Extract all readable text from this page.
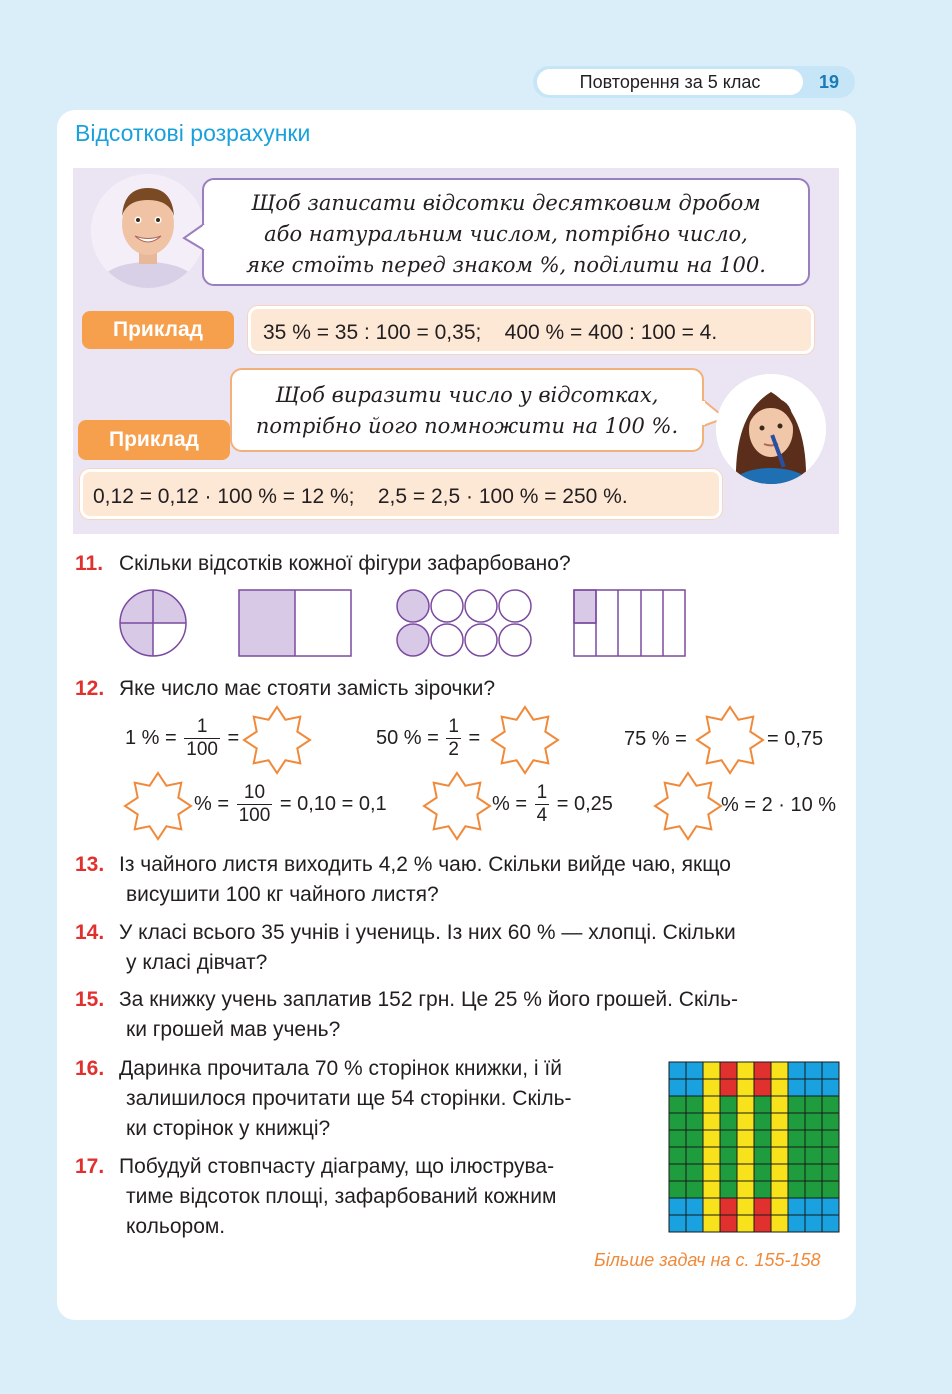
Повторення за 5 клас	19
Відсоткові розрахунки
Щоб записати відсотки десятковим дробом
або натуральним числом, потрібно число,
яке стоїть перед знаком %, поділити на 100.
Приклад	35 % = 35 : 100 = 0,35;    400 % = 400 : 100 = 4.
Щоб виразити число у відсотках,
потрібно його помножити на 100 %.
Приклад
0,12 = 0,12 · 100 % = 12 %;    2,5 = 2,5 · 100 % = 250 %.
11. Скільки відсотків кожної фігури зафарбовано?
12. Яке число має стояти замість зірочки?
1 % = $\frac{1}{100}$ =	50 % = $\frac{1}{2}$ =	75 % =	= 0,75
% = $\frac{10}{100} = 0,10 = 0,1$	% = $\frac{1}{4} = 0,25$	% = 2 · 10 %
13. Із чайного листя виходить 4,2 % чаю. Скільки вийде чаю, якщо
висушити 100 кг чайного листя?
14. У класі всього 35 учнів і учениць. Із них 60 % — хлопці. Скільки
у класі дівчат?
15. За книжку учень заплатив 152 грн. Це 25 % його грошей. Скіль-
ки грошей мав учень?
16. Даринка прочитала 70 % сторінок книжки, і їй
залишилося прочитати ще 54 сторінки. Скіль-
ки сторінок у книжці?
17. Побудуй стовпчасту діаграму, що ілюструва-
тиме відсоток площі, зафарбований кожним
кольором.
Більше задач на с. 155-158
